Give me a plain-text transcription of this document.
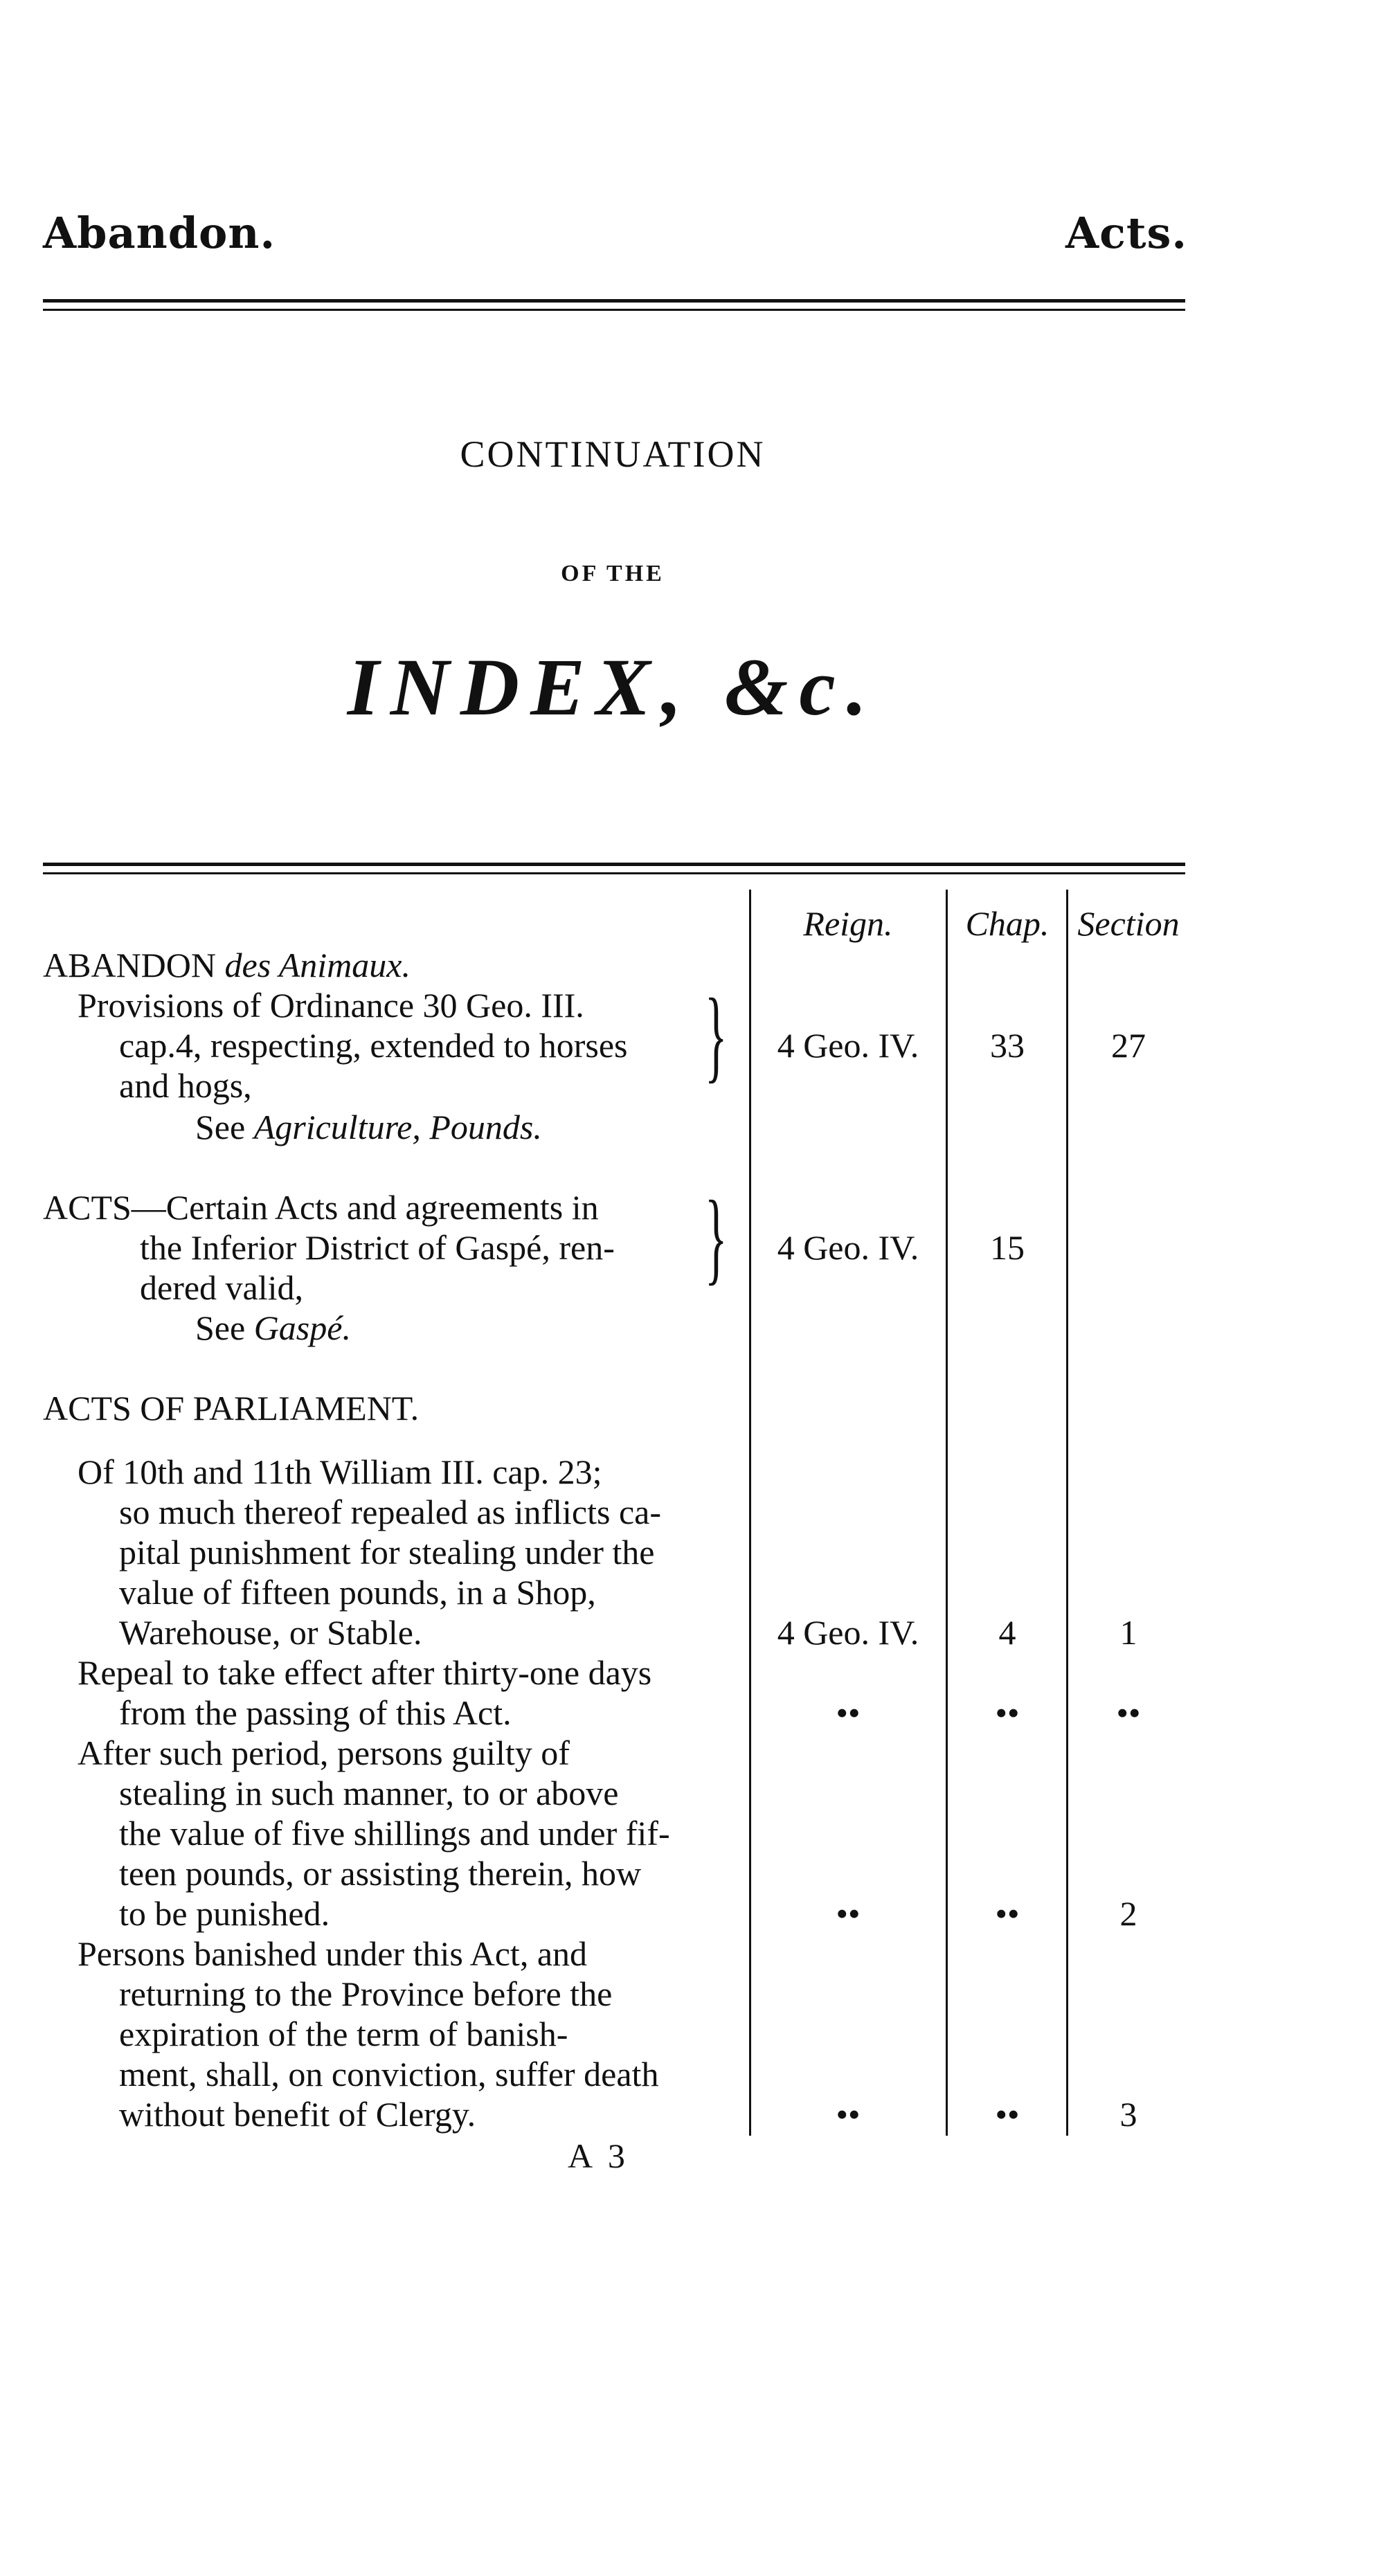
Abandon.	Acts.
CONTINUATION
OF THE
INDEX, &c.
Reign.	Chap. Section
ABANDON des Animaux.
Provisions of Ordinance 30 Geo. III.
cap.4, respecting, extended to horses
and hogs,	}
See Agriculture, Pounds.
4 Geo. IV.	33	27
ACTS—Certain Acts and agreements in
the Inferior District of Gaspé, ren-
dered valid,	}
See Gaspé.
4 Geo. IV.	15
ACTS OF PARLIAMENT.
Of 10th and 11th William III. cap. 23;
so much thereof repealed as inflicts ca-
pital punishment for stealing under the
value of fifteen pounds, in a Shop,
Warehouse, or Stable.	4 Geo. IV.	4	1
Repeal to take effect after thirty-one days
from the passing of this Act.	••	••	••
After such period, persons guilty of
stealing in such manner, to or above
the value of five shillings and under fif-
teen pounds, or assisting therein, how
to be punished.	••	••	2
Persons banished under this Act, and
returning to the Province before the
expiration of the term of banish-
ment, shall, on conviction, suffer death
without benefit of Clergy.	••	••	3
A 3
